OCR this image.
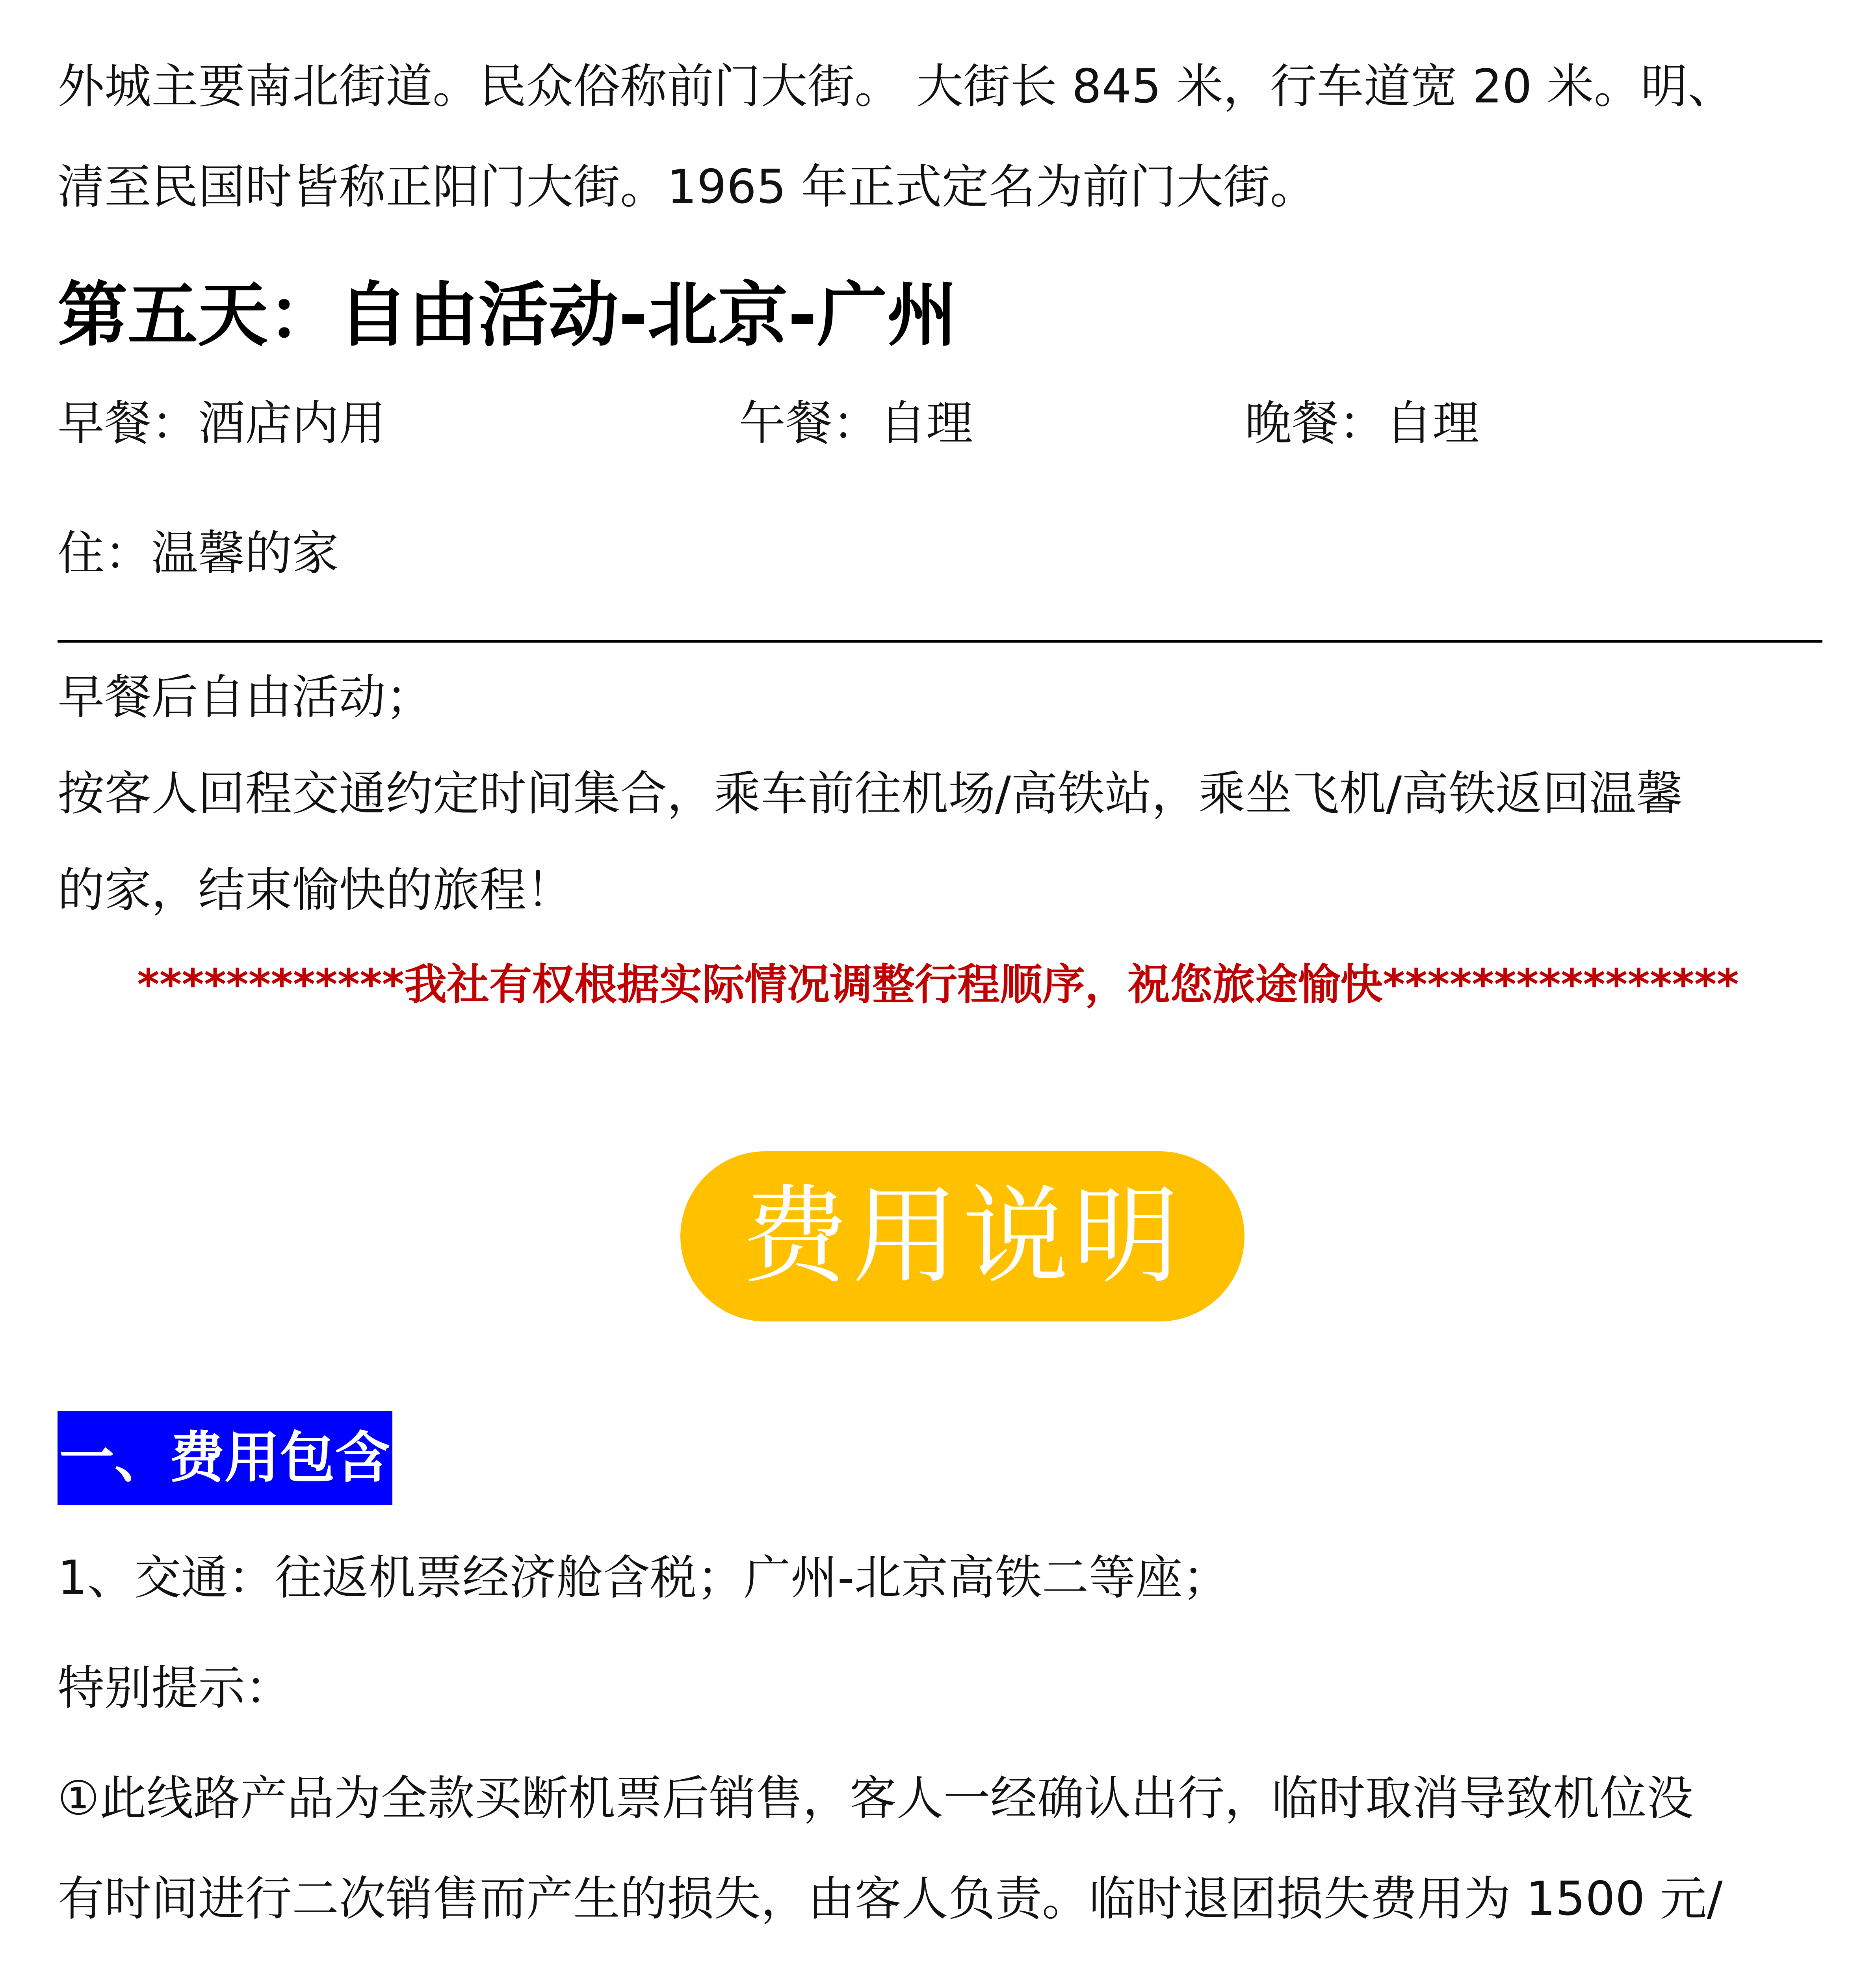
外城主要南北街道。民众俗称前门大街。 大街长 845 米，行车道宽 20 米。明、
清至民国时皆称正阳门大街。1965 年正式定名为前门大街。
第五天：自由活动-北京-广州
早餐：酒店内用	午餐：自理	晚餐：自理
住：温馨的家
早餐后自由活动；
按客人回程交通约定时间集合，乘车前往机场/高铁站，乘坐飞机/高铁返回温馨
的家，结束愉快的旅程！
************我社有权根据实际情况调整行程顺序，祝您旅途愉快****************
费用说明
一、费用包含
1、交通：往返机票经济舱含税；广州-北京高铁二等座；
特别提示：
①此线路产品为全款买断机票后销售，客人一经确认出行，临时取消导致机位没
有时间进行二次销售而产生的损失，由客人负责。临时退团损失费用为 1500 元/
